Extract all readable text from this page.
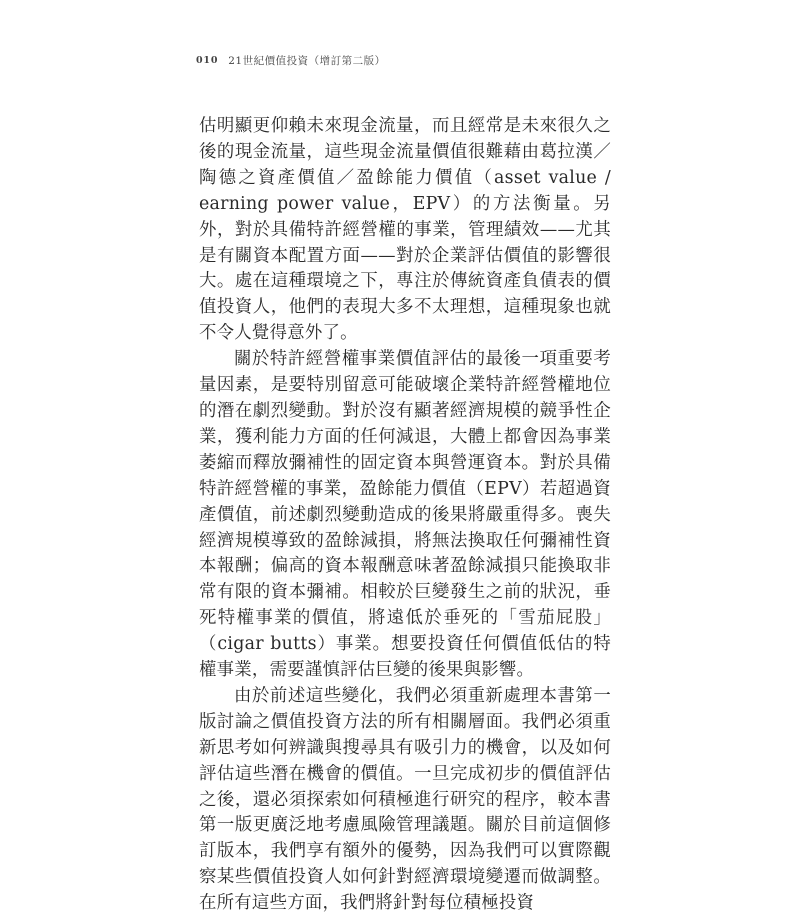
010 21世紀價值投資（增訂第二版）

估明顯更仰賴未來現金流量，而且經常是未來很久之後的現金流量，這些現金流量價值很難藉由葛拉漢／陶德之資產價值／盈餘能力價值（asset value / earning power value，EPV）的方法衡量。另外，對於具備特許經營權的事業，管理績效——尤其是有關資本配置方面——對於企業評估價值的影響很大。處在這種環境之下，專注於傳統資產負債表的價值投資人，他們的表現大多不太理想，這種現象也就不令人覺得意外了。

關於特許經營權事業價值評估的最後一項重要考量因素，是要特別留意可能破壞企業特許經營權地位的潛在劇烈變動。對於沒有顯著經濟規模的競爭性企業，獲利能力方面的任何減退，大體上都會因為事業萎縮而釋放彌補性的固定資本與營運資本。對於具備特許經營權的事業，盈餘能力價值（EPV）若超過資產價值，前述劇烈變動造成的後果將嚴重得多。喪失經濟規模導致的盈餘減損，將無法換取任何彌補性資本報酬；偏高的資本報酬意味著盈餘減損只能換取非常有限的資本彌補。相較於巨變發生之前的狀況，垂死特權事業的價值，將遠低於垂死的「雪茄屁股」（cigar butts）事業。想要投資任何價值低估的特權事業，需要謹慎評估巨變的後果與影響。

由於前述這些變化，我們必須重新處理本書第一版討論之價值投資方法的所有相關層面。我們必須重新思考如何辨識與搜尋具有吸引力的機會，以及如何評估這些潛在機會的價值。一旦完成初步的價值評估之後，還必須探索如何積極進行研究的程序，較本書第一版更廣泛地考慮風險管理議題。關於目前這個修訂版本，我們享有額外的優勢，因為我們可以實際觀察某些價值投資人如何針對經濟環境變遷而做調整。在所有這些方面，我們將針對每位積極投資
